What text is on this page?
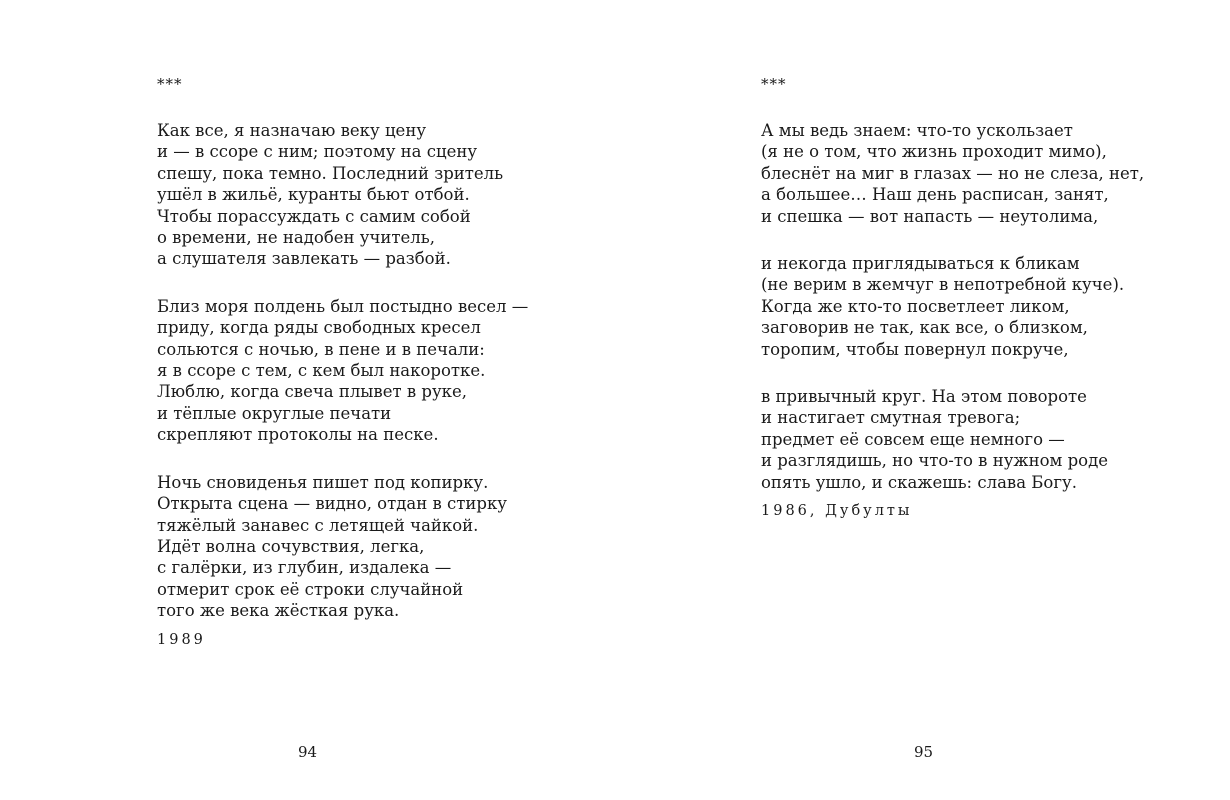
***
Как все, я назначаю веку цену
и — в ссоре с ним; поэтому на сцену
спешу, пока темно. Последний зритель
ушёл в жильё, куранты бьют отбой.
Чтобы порассуждать с самим собой
о времени, не надобен учитель,
а слушателя завлекать — разбой.
Близ моря полдень был постыдно весел —
приду, когда ряды свободных кресел
сольются с ночью, в пене и в печали:
я в ссоре с тем, с кем был накоротке.
Люблю, когда свеча плывет в руке,
и тёплые округлые печати
скрепляют протоколы на песке.
Ночь сновиденья пишет под копирку.
Открыта сцена — видно, отдан в стирку
тяжёлый занавес с летящей чайкой.
Идёт волна сочувствия, легка,
с галёрки, из глубин, издалека —
отмерит срок её строки случайной
того же века жёсткая рука.
1989
94
***
А мы ведь знаем: что-то ускользает
(я не о том, что жизнь проходит мимо),
блеснёт на миг в глазах — но не слеза, нет,
а большее… Наш день расписан, занят,
и спешка — вот напасть — неутолима,
и некогда приглядываться к бликам
(не верим в жемчуг в непотребной куче).
Когда же кто-то посветлеет ликом,
заговорив не так, как все, о близком,
торопим, чтобы повернул покруче,
в привычный круг. На этом повороте
и настигает смутная тревога;
предмет её совсем еще немного —
и разглядишь, но что-то в нужном роде
опять ушло, и скажешь: слава Богу.
1986, Дубулты
95
